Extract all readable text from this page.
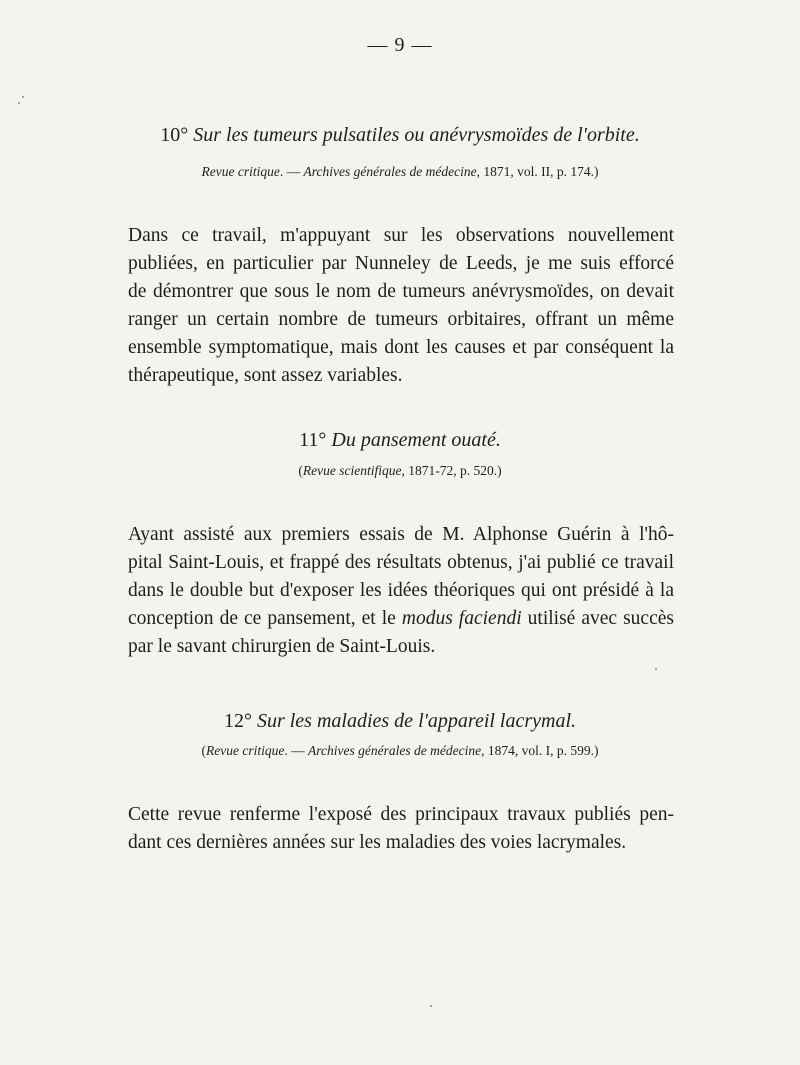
— 9 —
10° Sur les tumeurs pulsatiles ou anévrysmoïdes de l'orbite.
Revue critique. — Archives générales de médecine, 1871, vol. II, p. 174.)
Dans ce travail, m'appuyant sur les observations nouvellement
publiées, en particulier par Nunneley de Leeds, je me suis efforcé
de démontrer que sous le nom de tumeurs anévrysmoïdes, on devait
ranger un certain nombre de tumeurs orbitaires, offrant un même
ensemble symptomatique, mais dont les causes et par conséquent la
thérapeutique, sont assez variables.
11° Du pansement ouaté.
(Revue scientifique, 1871-72, p. 520.)
Ayant assisté aux premiers essais de M. Alphonse Guérin à l'hô-
pital Saint-Louis, et frappé des résultats obtenus, j'ai publié ce travail
dans le double but d'exposer les idées théoriques qui ont présidé à la
conception de ce pansement, et le modus faciendi utilisé avec succès
par le savant chirurgien de Saint-Louis.
12° Sur les maladies de l'appareil lacrymal.
(Revue critique. — Archives générales de médecine, 1874, vol. I, p. 599.)
Cette revue renferme l'exposé des principaux travaux publiés pen-
dant ces dernières années sur les maladies des voies lacrymales.
